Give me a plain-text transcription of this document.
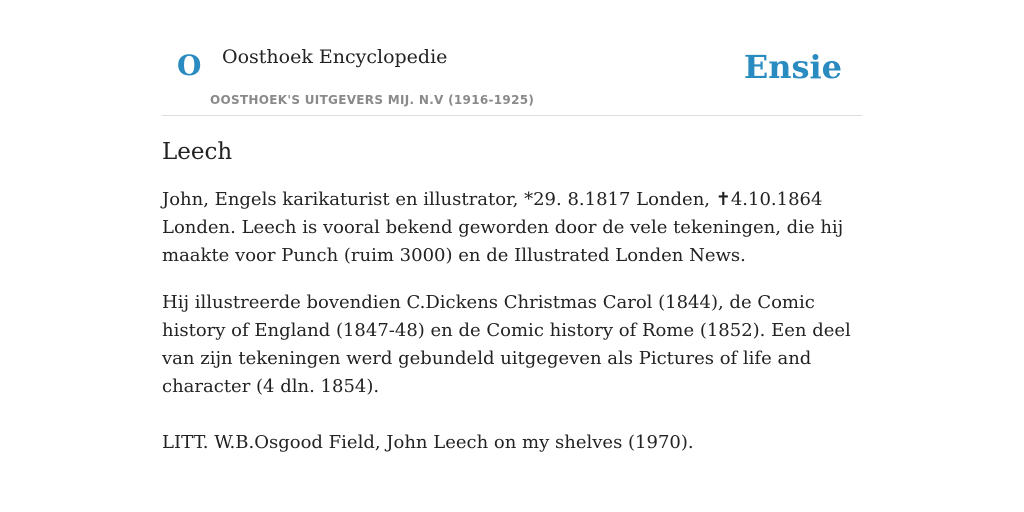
O Oosthoek Encyclopedie
OOSTHOEK'S UITGEVERS MIJ. N.V (1916-1925)
Ensie
Leech

John, Engels karikaturist en illustrator, *29. 8.1817 Londen, ✝4.10.1864 Londen. Leech is vooral bekend geworden door de vele tekeningen, die hij maakte voor Punch (ruim 3000) en de Illustrated Londen News.

Hij illustreerde bovendien C.Dickens Christmas Carol (1844), de Comic history of England (1847-48) en de Comic history of Rome (1852). Een deel van zijn tekeningen werd gebundeld uitgegeven als Pictures of life and character (4 dln. 1854).

LITT. W.B.Osgood Field, John Leech on my shelves (1970).
